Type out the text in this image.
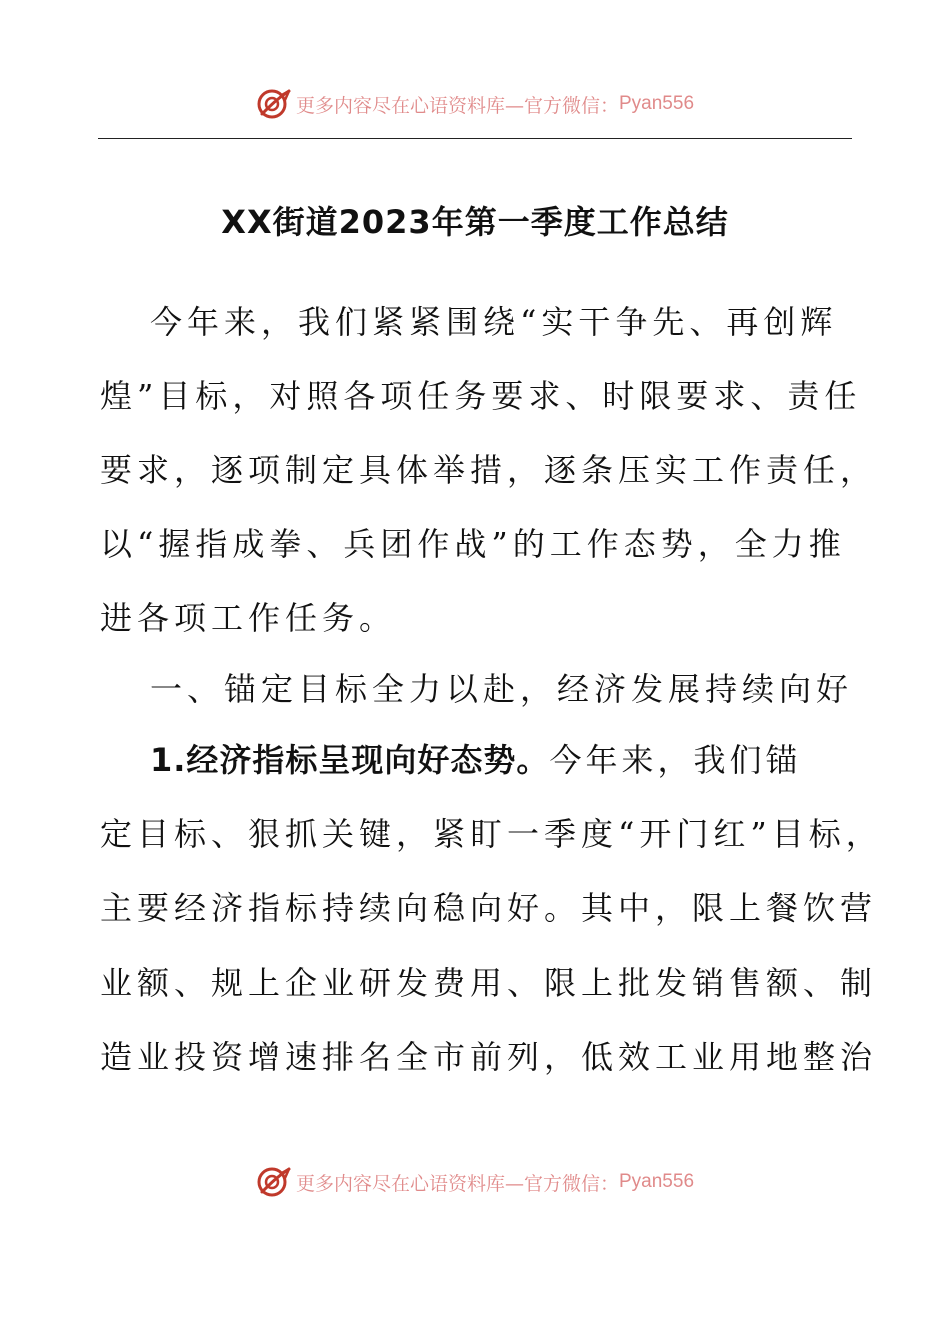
更多内容尽在心语资料库—官方微信： Pyan556
XX街道2023年第一季度工作总结
今年来，我们紧紧围绕“实干争先、再创辉
煌”目标，对照各项任务要求、时限要求、责任
要求，逐项制定具体举措，逐条压实工作责任，
以“握指成拳、兵团作战”的工作态势，全力推
进各项工作任务。
一、锚定目标全力以赴，经济发展持续向好
1.经济指标呈现向好态势。今年来，我们锚
定目标、狠抓关键，紧盯一季度“开门红”目标，
主要经济指标持续向稳向好。其中，限上餐饮营
业额、规上企业研发费用、限上批发销售额、制
造业投资增速排名全市前列，低效工业用地整治
更多内容尽在心语资料库—官方微信： Pyan556
